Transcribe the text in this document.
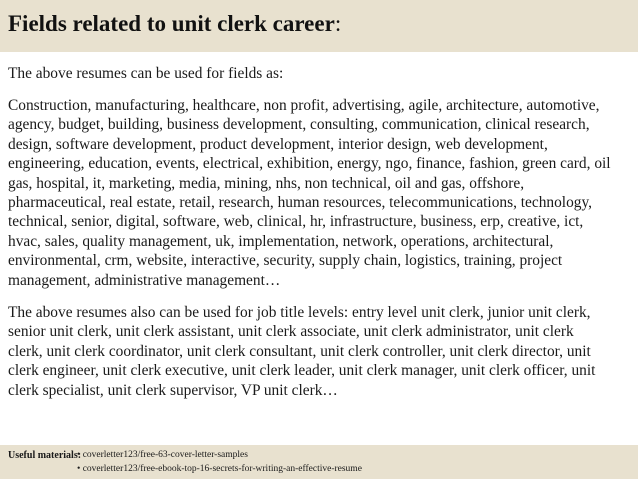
Fields related to unit clerk career:
The above resumes can be used for fields as:
Construction, manufacturing, healthcare, non profit, advertising, agile, architecture, automotive,
agency, budget, building, business development, consulting, communication, clinical research,
design, software development, product development, interior design, web development,
engineering, education, events, electrical, exhibition, energy, ngo, finance, fashion, green card, oil
gas, hospital, it, marketing, media, mining, nhs, non technical, oil and gas, offshore,
pharmaceutical, real estate, retail, research, human resources, telecommunications, technology,
technical, senior, digital, software, web, clinical, hr, infrastructure, business, erp, creative, ict,
hvac, sales, quality management, uk, implementation, network, operations, architectural,
environmental, crm, website, interactive, security, supply chain, logistics, training, project
management, administrative management…
The above resumes also can be used for job title levels: entry level unit clerk, junior unit clerk,
senior unit clerk, unit clerk assistant, unit clerk associate, unit clerk administrator, unit clerk
clerk, unit clerk coordinator, unit clerk consultant, unit clerk controller, unit clerk director, unit
clerk engineer, unit clerk executive, unit clerk leader, unit clerk manager, unit clerk officer, unit
clerk specialist, unit clerk supervisor, VP unit clerk…
Useful materials:
• coverletter123/free-63-cover-letter-samples
• coverletter123/free-ebook-top-16-secrets-for-writing-an-effective-resume
